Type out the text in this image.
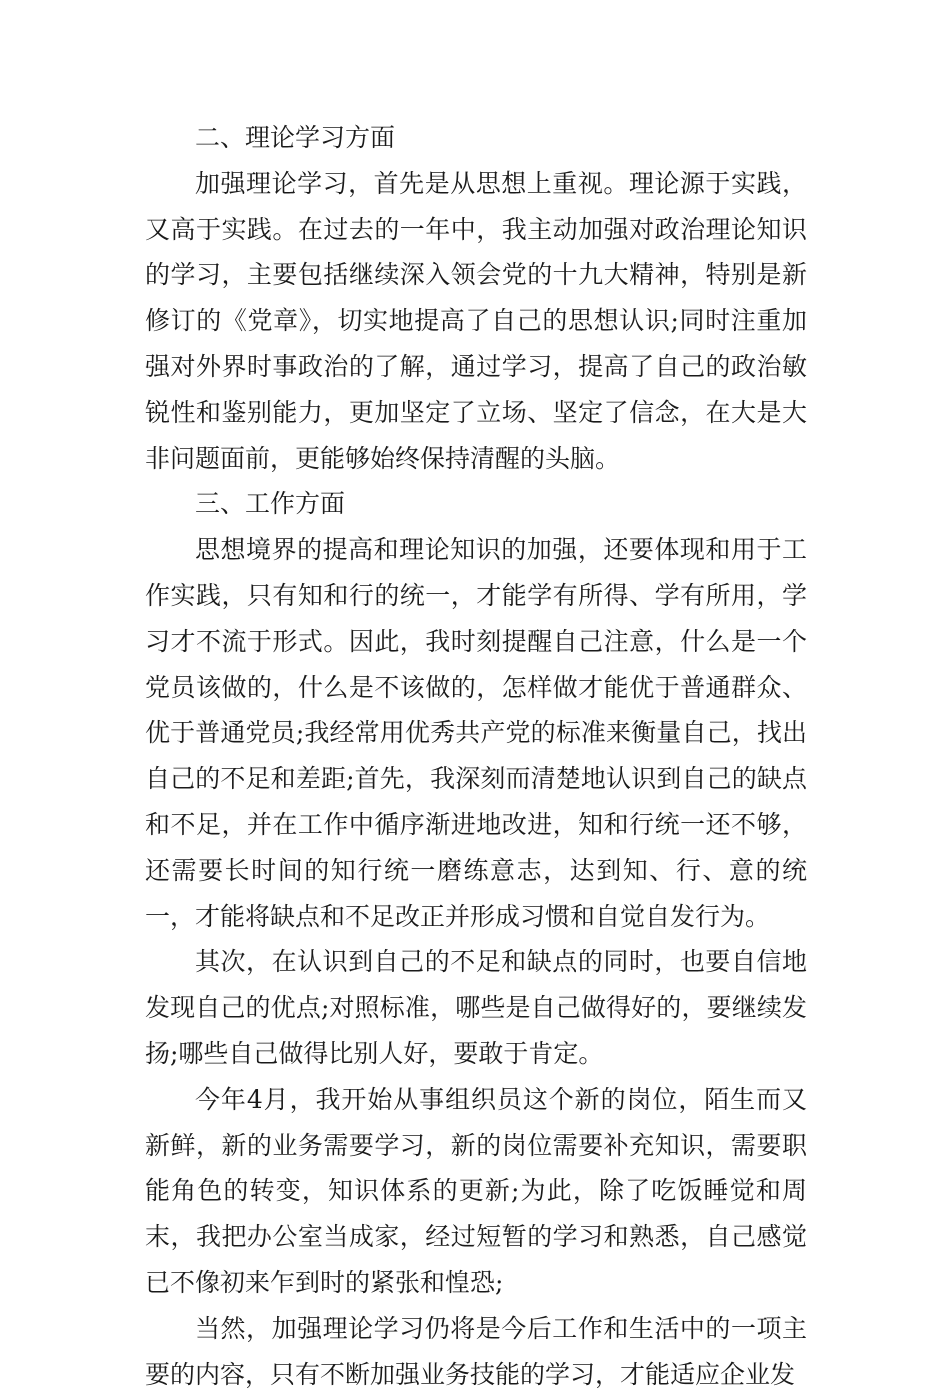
二、理论学习方面

加强理论学习，首先是从思想上重视。理论源于实践，又高于实践。在过去的一年中，我主动加强对政治理论知识的学习，主要包括继续深入领会党的十九大精神，特别是新修订的《党章》，切实地提高了自己的思想认识;同时注重加强对外界时事政治的了解，通过学习，提高了自己的政治敏锐性和鉴别能力，更加坚定了立场、坚定了信念，在大是大非问题面前，更能够始终保持清醒的头脑。

三、工作方面

思想境界的提高和理论知识的加强，还要体现和用于工作实践，只有知和行的统一，才能学有所得、学有所用，学习才不流于形式。因此，我时刻提醒自己注意，什么是一个党员该做的，什么是不该做的，怎样做才能优于普通群众、优于普通党员;我经常用优秀共产党的标准来衡量自己，找出自己的不足和差距;首先，我深刻而清楚地认识到自己的缺点和不足，并在工作中循序渐进地改进，知和行统一还不够，还需要长时间的知行统一磨练意志，达到知、行、意的统一，才能将缺点和不足改正并形成习惯和自觉自发行为。

其次，在认识到自己的不足和缺点的同时，也要自信地发现自己的优点;对照标准，哪些是自己做得好的，要继续发扬;哪些自己做得比别人好，要敢于肯定。

今年4月，我开始从事组织员这个新的岗位，陌生而又新鲜，新的业务需要学习，新的岗位需要补充知识，需要职能角色的转变，知识体系的更新;为此，除了吃饭睡觉和周末，我把办公室当成家，经过短暂的学习和熟悉，自己感觉已不像初来乍到时的紧张和惶恐;

当然，加强理论学习仍将是今后工作和生活中的一项主要的内容，只有不断加强业务技能的学习，才能适应企业发
